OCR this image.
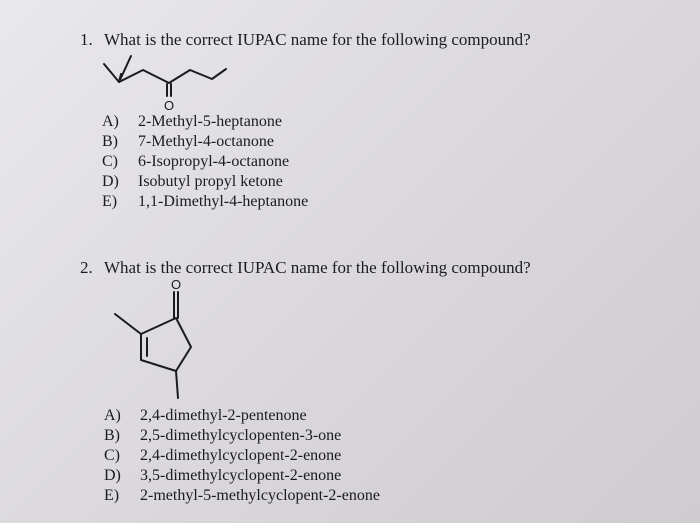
1. What is the correct IUPAC name for the following compound?
O
A) 2-Methyl-5-heptanone
B) 7-Methyl-4-octanone
C) 6-Isopropyl-4-octanone
D) Isobutyl propyl ketone
E) 1,1-Dimethyl-4-heptanone
2. What is the correct IUPAC name for the following compound?
O
A) 2,4-dimethyl-2-pentenone
B) 2,5-dimethylcyclopenten-3-one
C) 2,4-dimethylcyclopent-2-enone
D) 3,5-dimethylcyclopent-2-enone
E) 2-methyl-5-methylcyclopent-2-enone
